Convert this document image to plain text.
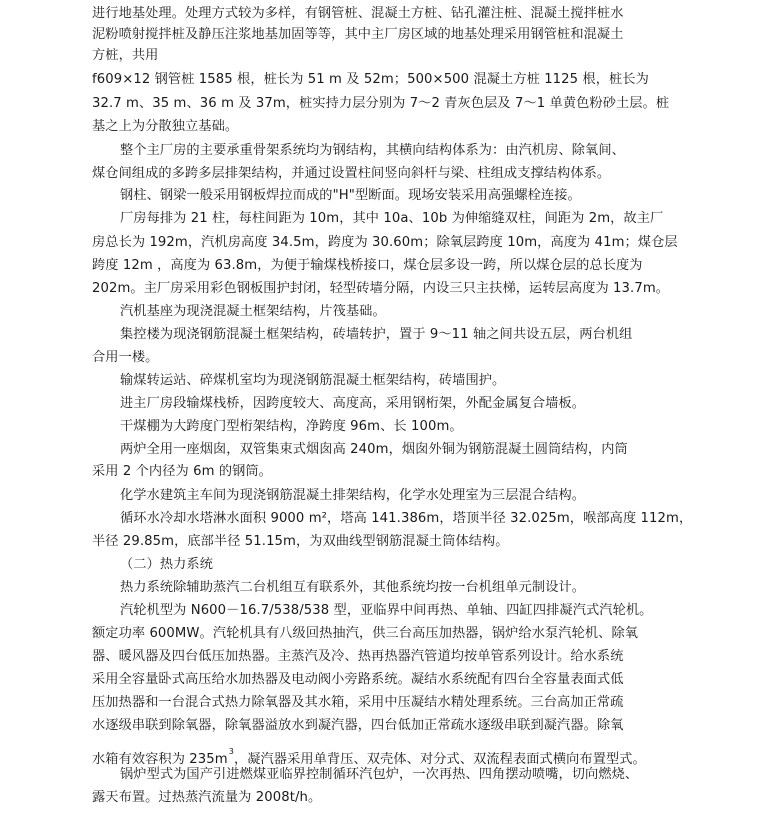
进行地基处理。处理方式较为多样，有钢管桩、混凝土方桩、钻孔灌注桩、混凝土搅拌桩水
泥粉喷射搅拌桩及静压注浆地基加固等等，其中主厂房区域的地基处理采用钢管桩和混凝土
方桩，共用
f609×12 钢管桩 1585 根，桩长为 51 m 及 52m；500×500 混凝土方桩 1125 根，桩长为
32.7 m、35 m、36 m 及 37m，桩实持力层分别为 7～2 青灰色层及 7～1 单黄色粉砂土层。桩
基之上为分散独立基础。
整个主厂房的主要承重骨架系统均为钢结构，其横向结构体系为：由汽机房、除氧间、
煤仓间组成的多跨多层排架结构，并通过设置柱间竖向斜杆与梁、柱组成支撑结构体系。
钢柱、钢梁一般采用钢板焊拉而成的"H"型断面。现场安装采用高强螺栓连接。
厂房每排为 21 柱，每柱间距为 10m，其中 10a、10b 为伸缩缝双柱，间距为 2m，故主厂
房总长为 192m，汽机房高度 34.5m，跨度为 30.60m；除氧层跨度 10m，高度为 41m；煤仓层
跨度 12m ，高度为 63.8m，为便于输煤栈桥接口，煤仓层多设一跨，所以煤仓层的总长度为
202m。主厂房采用彩色钢板围护封闭，轻型砖墙分隔，内设三只主扶梯，运转层高度为 13.7m。
汽机基座为现浇混凝土框架结构，片筏基础。
集控楼为现浇钢筋混凝土框架结构，砖墙转护，置于 9～11 轴之间共设五层，两台机组
合用一楼。
输煤转运站、碎煤机室均为现浇钢筋混凝土框架结构，砖墙围护。
进主厂房段输煤栈桥，因跨度较大、高度高，采用钢桁架，外配金属复合墙板。
干煤棚为大跨度门型桁架结构，净跨度 96m、长 100m。
两炉全用一座烟囱，双管集束式烟囱高 240m，烟囱外铜为钢筋混凝土圆筒结构，内筒
采用 2 个内径为 6m 的钢筒。
化学水建筑主车间为现浇钢筋混凝土排架结构，化学水处理室为三层混合结构。
循环水冷却水塔淋水面积 9000 m²，塔高 141.386m，塔顶半径 32.025m，喉部高度 112m，
半径 29.85m，底部半径 51.15m，为双曲线型钢筋混凝土筒体结构。
（二）热力系统
热力系统除辅助蒸汽二台机组互有联系外，其他系统均按一台机组单元制设计。
汽轮机型为 N600－16.7/538/538 型，亚临界中间再热、单轴、四缸四排凝汽式汽轮机。
额定功率 600MW。汽轮机具有八级回热抽汽，供三台高压加热器，锅炉给水泵汽轮机、除氧
器、暖风器及四台低压加热器。主蒸汽及冷、热再热器汽管道均按单管系列设计。给水系统
采用全容量卧式高压给水加热器及电动阀小旁路系统。凝结水系统配有四台全容量表面式低
压加热器和一台混合式热力除氧器及其水箱，采用中压凝结水精处理系统。三台高加正常疏
水逐级串联到除氧器，除氧器溢放水到凝汽器，四台低加正常疏水逐级串联到凝汽器。除氧
水箱有效容积为 $235m^3$，凝汽器采用单背压、双壳体、对分式、双流程表面式横向布置型式。
锅炉型式为国产引进燃煤亚临界控制循环汽包炉，一次再热、四角摆动喷嘴，切向燃烧、
露天布置。过热蒸汽流量为 2008t/h。
